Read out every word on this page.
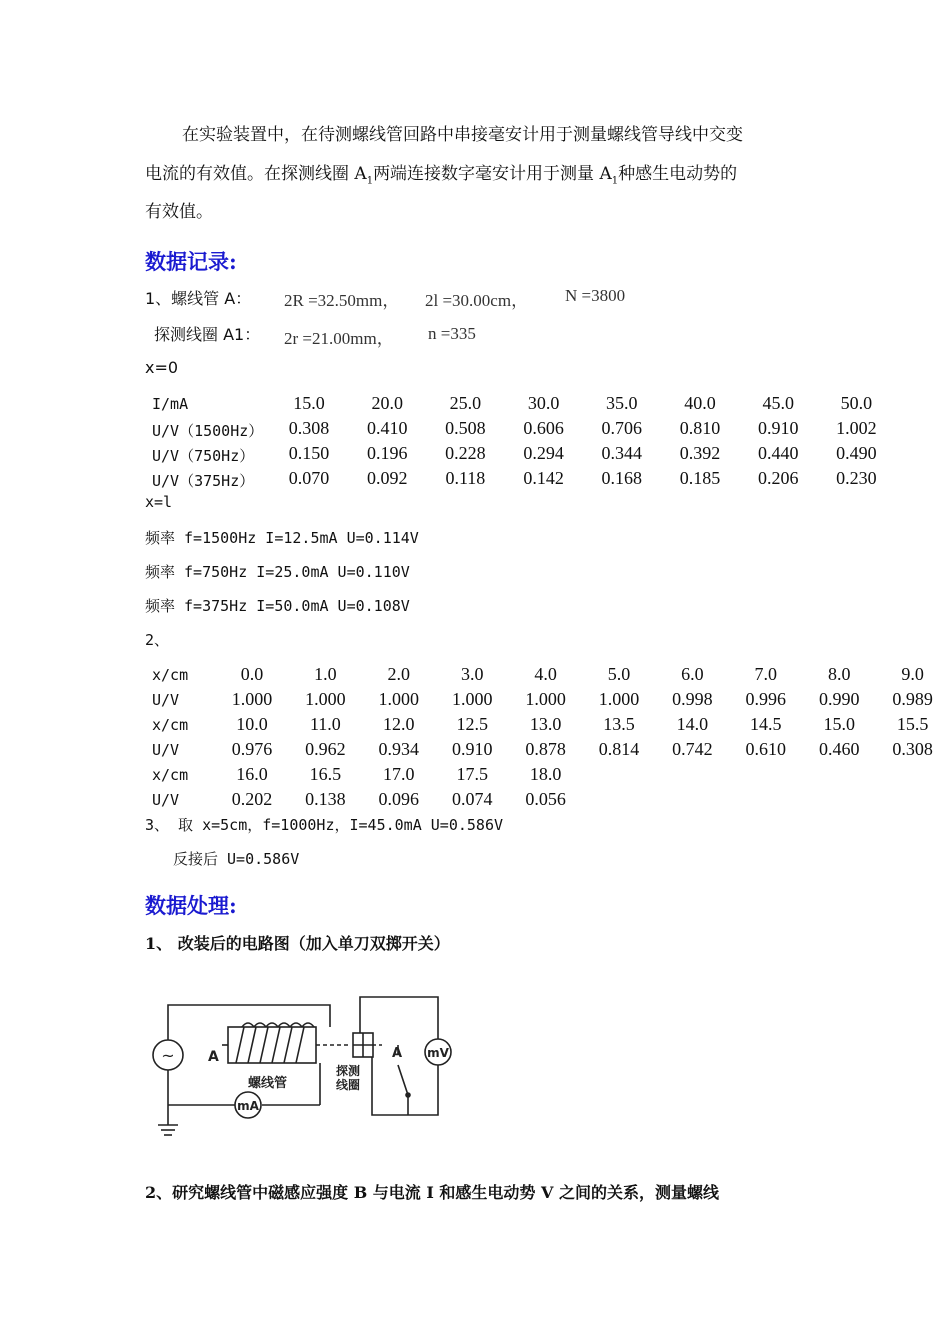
在实验装置中，在待测螺线管回路中串接毫安计用于测量螺线管导线中交变
电流的有效值。在探测线圈 $A_1$两端连接数字毫安计用于测量 $A_1$种感生电动势的
有效值。
数据记录:
1、螺线管 A： 2R =32.50mm， 2l =30.00cm， N =3800
探测线圈 A1： 2r =21.00mm， n =335
x=0
I/mA	15.0	20.0	25.0	30.0	35.0	40.0	45.0	50.0
U/V（1500Hz）	0.308	0.410	0.508	0.606	0.706	0.810	0.910	1.002
U/V（750Hz）	0.150	0.196	0.228	0.294	0.344	0.392	0.440	0.490
U/V（375Hz）	0.070	0.092	0.118	0.142	0.168	0.185	0.206	0.230
x=l
频率 f=1500Hz I=12.5mA U=0.114V
频率 f=750Hz I=25.0mA U=0.110V
频率 f=375Hz I=50.0mA U=0.108V
2、
x/cm	0.0	1.0	2.0	3.0	4.0	5.0	6.0	7.0	8.0	9.0
U/V	1.000	1.000	1.000	1.000	1.000	1.000	0.998	0.996	0.990	0.989
x/cm	10.0	11.0	12.0	12.5	13.0	13.5	14.0	14.5	15.0	15.5
U/V	0.976	0.962	0.934	0.910	0.878	0.814	0.742	0.610	0.460	0.308
x/cm	16.0	16.5	17.0	17.5	18.0
U/V	0.202	0.138	0.096	0.074	0.056
3、 取 x=5cm，f=1000Hz，I=45.0mA U=0.586V
反接后 U=0.586V
数据处理:
1、 改装后的电路图（加入单刀双掷开关）
~
mA
mV
A	A
螺线管
探测
线圈
2、研究螺线管中磁感应强度 B 与电流 I 和感生电动势 V 之间的关系，测量螺线
